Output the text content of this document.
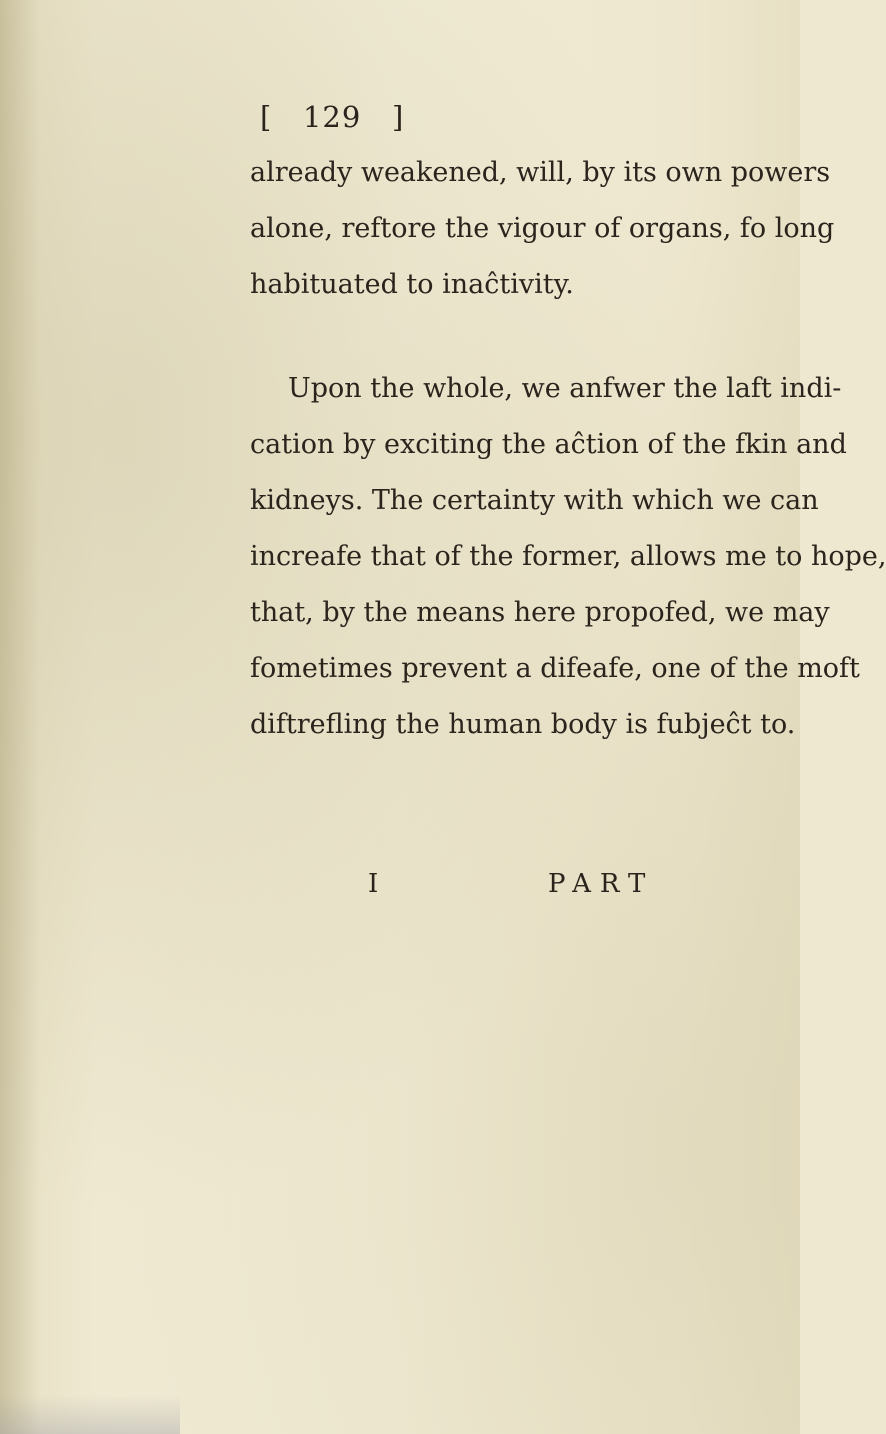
[   129   ]
already weakened, will, by its own powers
alone, reftore the vigour of organs, fo long
habituated to inaĉtivity.
Upon the whole, we anfwer the laft indi-
cation by exciting the aĉtion of the fkin and
kidneys. The certainty with which we can
increafe that of the former, allows me to hope,
that, by the means here propofed, we may
fometimes prevent a difeafe, one of the moft
diftrefling the human body is fubjeĉt to.
I	PART
